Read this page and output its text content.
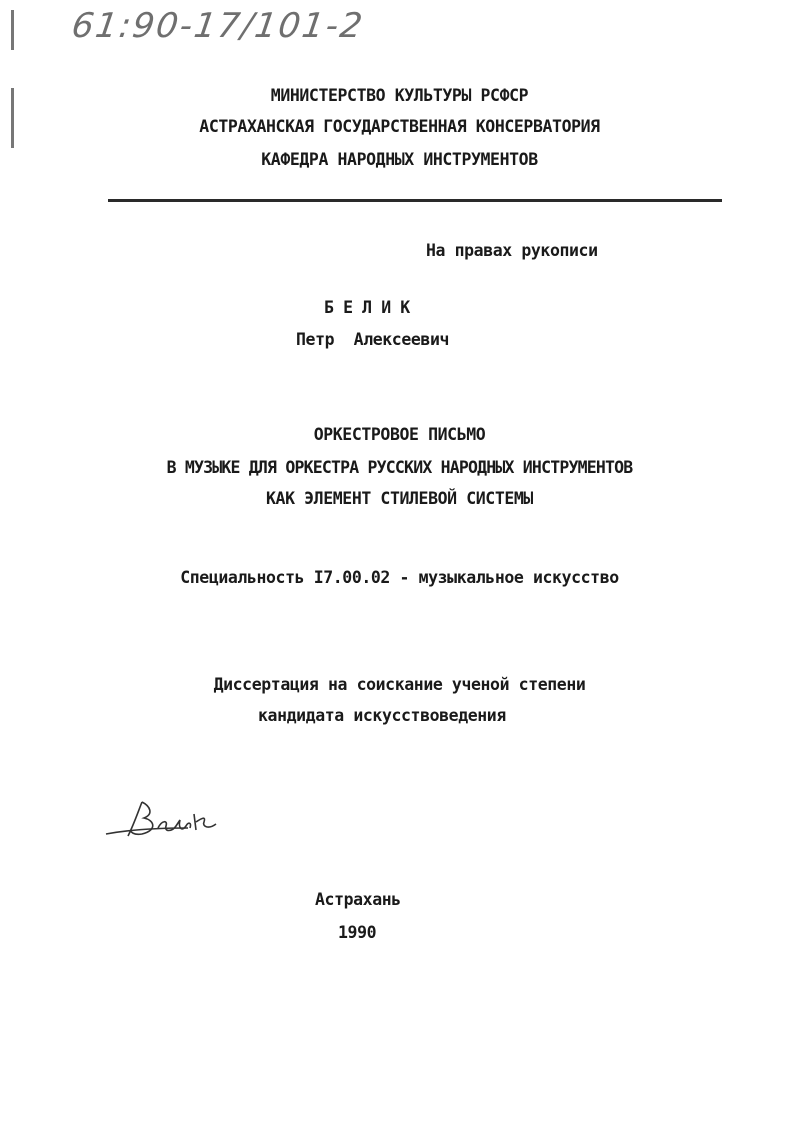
61:90-17/101-2
МИНИСТЕРСТВО КУЛЬТУРЫ РСФСР
АСТРАХАНСКАЯ ГОСУДАРСТВЕННАЯ КОНСЕРВАТОРИЯ
КАФЕДРА НАРОДНЫХ ИНСТРУМЕНТОВ
На правах рукописи
Б Е Л И К
Петр Алексеевич
ОРКЕСТРОВОЕ ПИСЬМО
В МУЗЫКЕ ДЛЯ ОРКЕСТРА РУССКИХ НАРОДНЫХ ИНСТРУМЕНТОВ
КАК ЭЛЕМЕНТ СТИЛЕВОЙ СИСТЕМЫ
Специальность I7.00.02 - музыкальное искусство
Диссертация на соискание ученой степени
кандидата искусствоведения
Астрахань
1990
